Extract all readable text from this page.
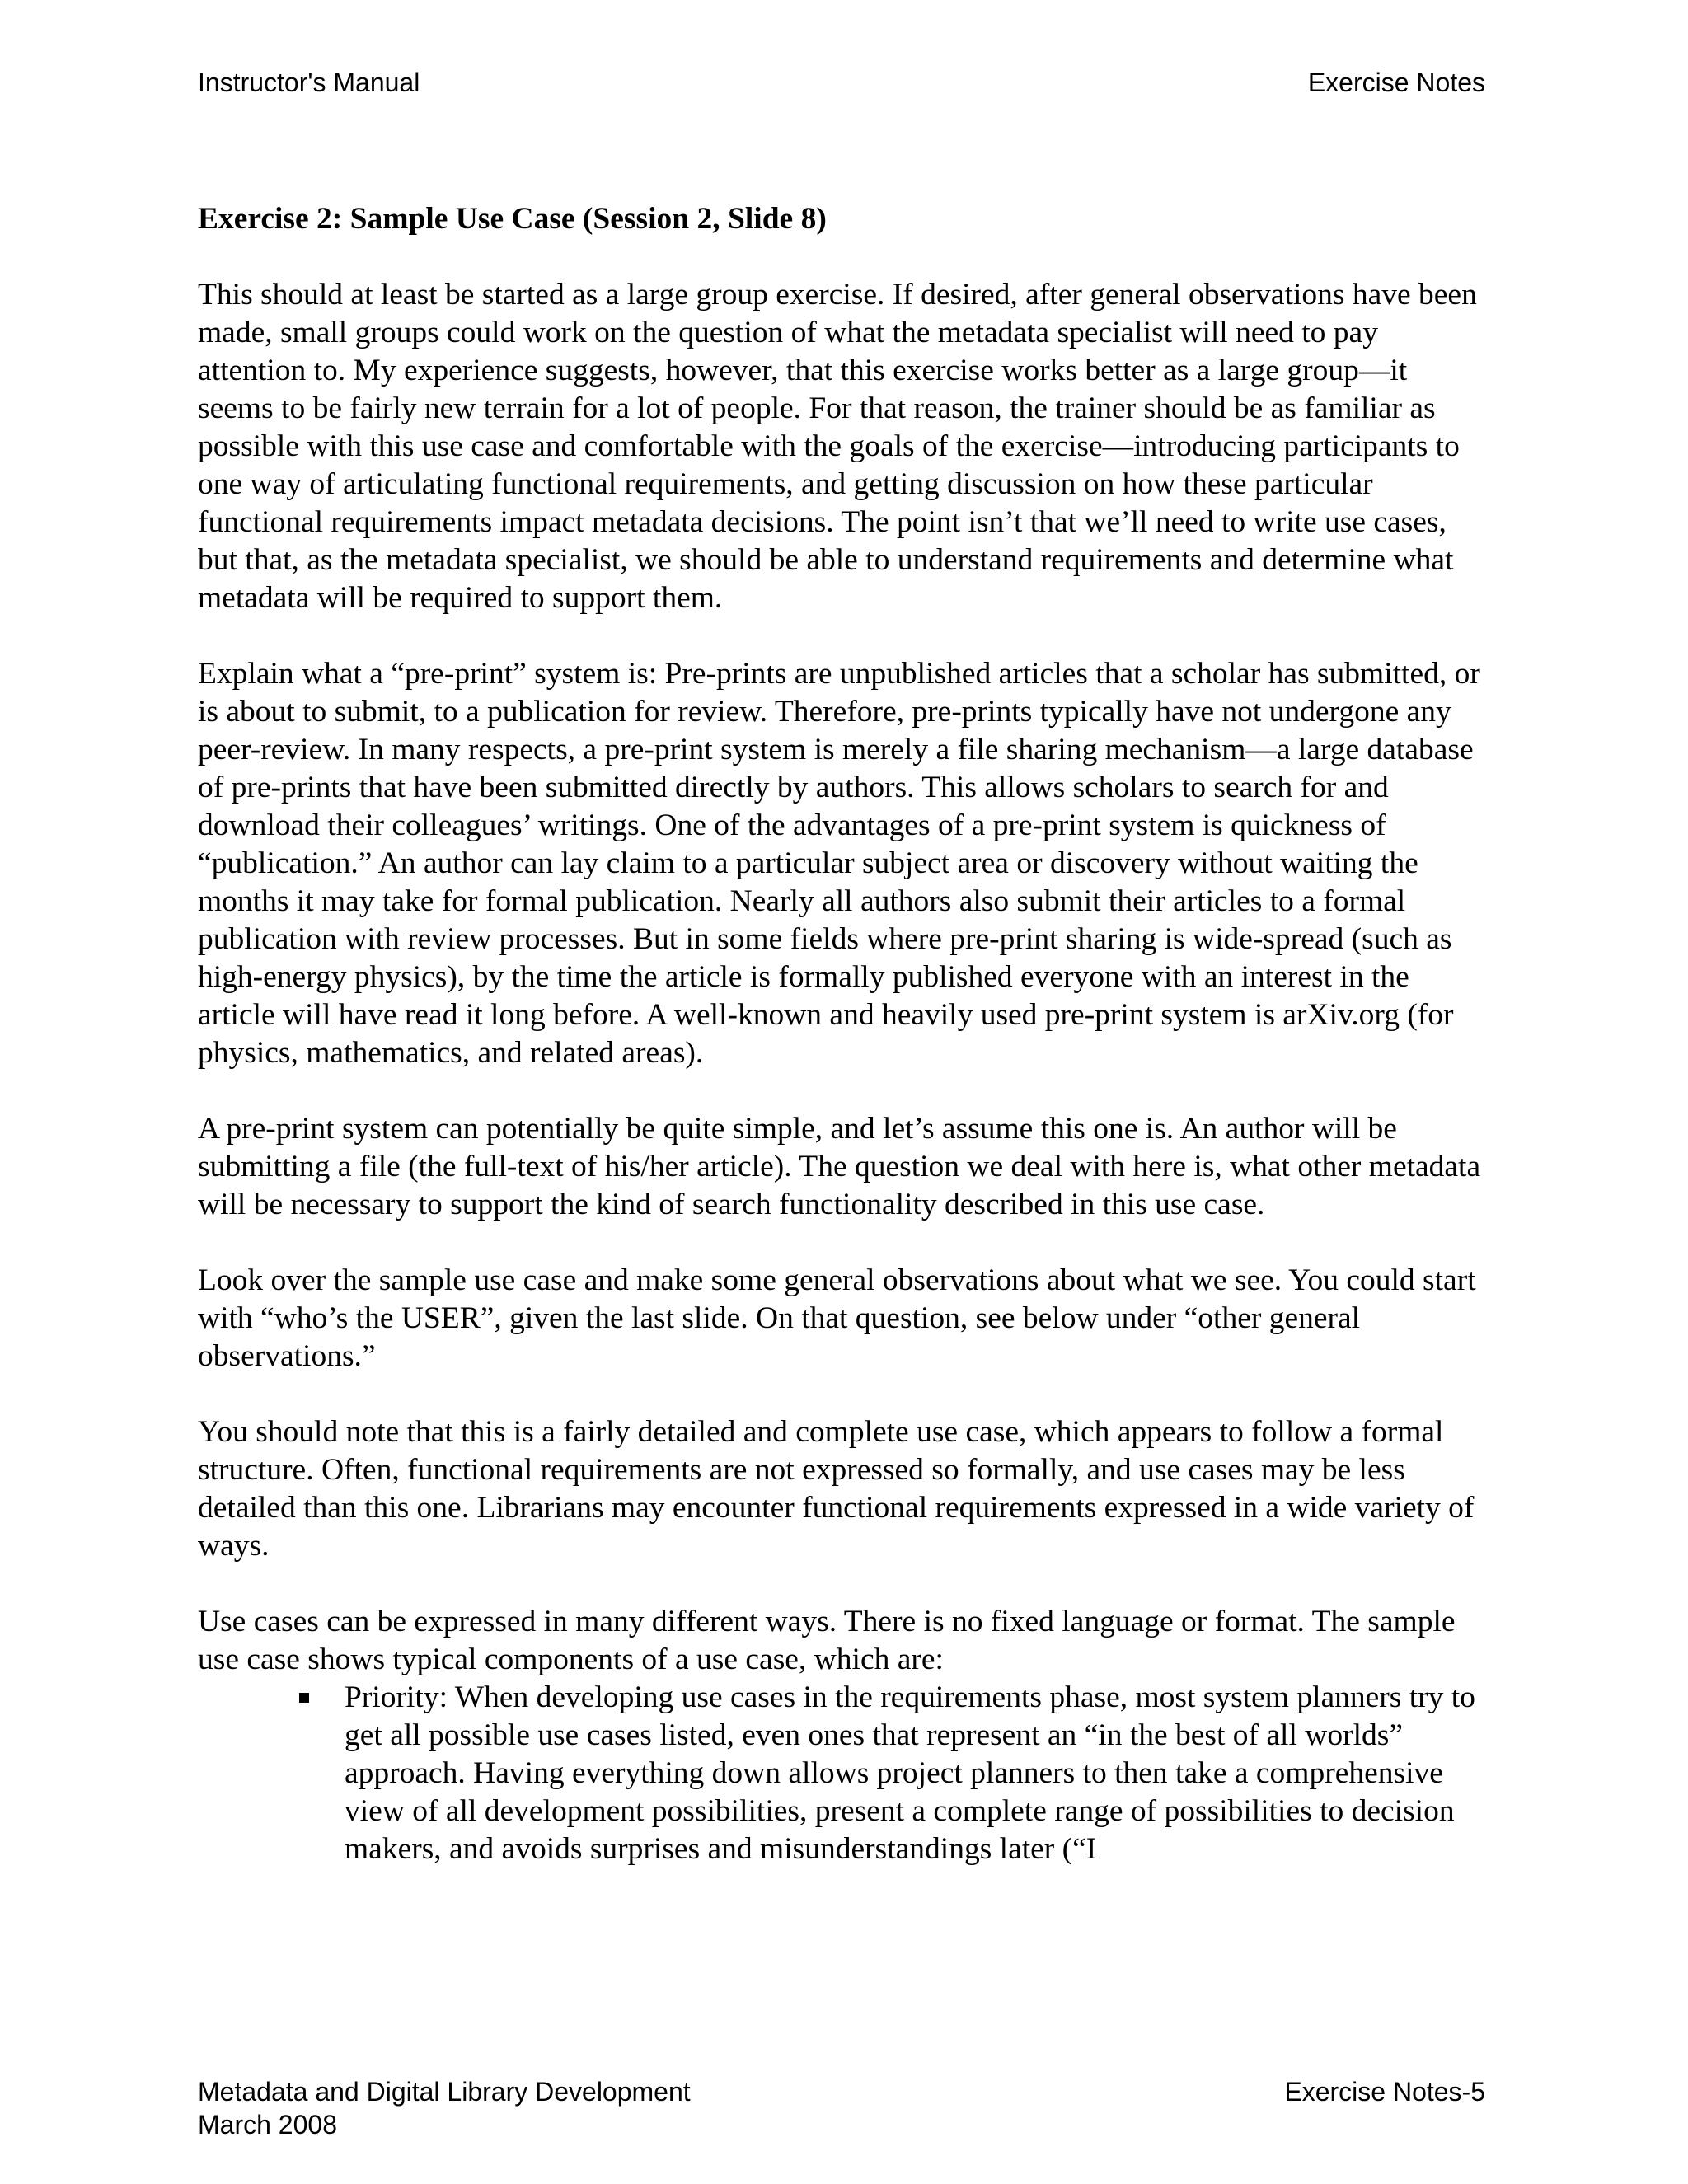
Instructor's Manual	Exercise Notes
Exercise 2: Sample Use Case (Session 2, Slide 8)

This should at least be started as a large group exercise. If desired, after general observations have been made, small groups could work on the question of what the metadata specialist will need to pay attention to. My experience suggests, however, that this exercise works better as a large group—it seems to be fairly new terrain for a lot of people. For that reason, the trainer should be as familiar as possible with this use case and comfortable with the goals of the exercise—introducing participants to one way of articulating functional requirements, and getting discussion on how these particular functional requirements impact metadata decisions. The point isn’t that we’ll need to write use cases, but that, as the metadata specialist, we should be able to understand requirements and determine what metadata will be required to support them.

Explain what a “pre-print” system is: Pre-prints are unpublished articles that a scholar has submitted, or is about to submit, to a publication for review. Therefore, pre-prints typically have not undergone any peer-review. In many respects, a pre-print system is merely a file sharing mechanism—a large database of pre-prints that have been submitted directly by authors. This allows scholars to search for and download their colleagues’ writings. One of the advantages of a pre-print system is quickness of “publication.” An author can lay claim to a particular subject area or discovery without waiting the months it may take for formal publication. Nearly all authors also submit their articles to a formal publication with review processes. But in some fields where pre-print sharing is wide-spread (such as high-energy physics), by the time the article is formally published everyone with an interest in the article will have read it long before. A well-known and heavily used pre-print system is arXiv.org (for physics, mathematics, and related areas).

A pre-print system can potentially be quite simple, and let’s assume this one is. An author will be submitting a file (the full-text of his/her article). The question we deal with here is, what other metadata will be necessary to support the kind of search functionality described in this use case.

Look over the sample use case and make some general observations about what we see. You could start with “who’s the USER”, given the last slide. On that question, see below under “other general observations.”

You should note that this is a fairly detailed and complete use case, which appears to follow a formal structure. Often, functional requirements are not expressed so formally, and use cases may be less detailed than this one. Librarians may encounter functional requirements expressed in a wide variety of ways.

Use cases can be expressed in many different ways. There is no fixed language or format. The sample use case shows typical components of a use case, which are:

Priority: When developing use cases in the requirements phase, most system planners try to get all possible use cases listed, even ones that represent an “in the best of all worlds” approach. Having everything down allows project planners to then take a comprehensive view of all development possibilities, present a complete range of possibilities to decision makers, and avoids surprises and misunderstandings later (“I
Metadata and Digital Library Development	Exercise Notes-5
March 2008
